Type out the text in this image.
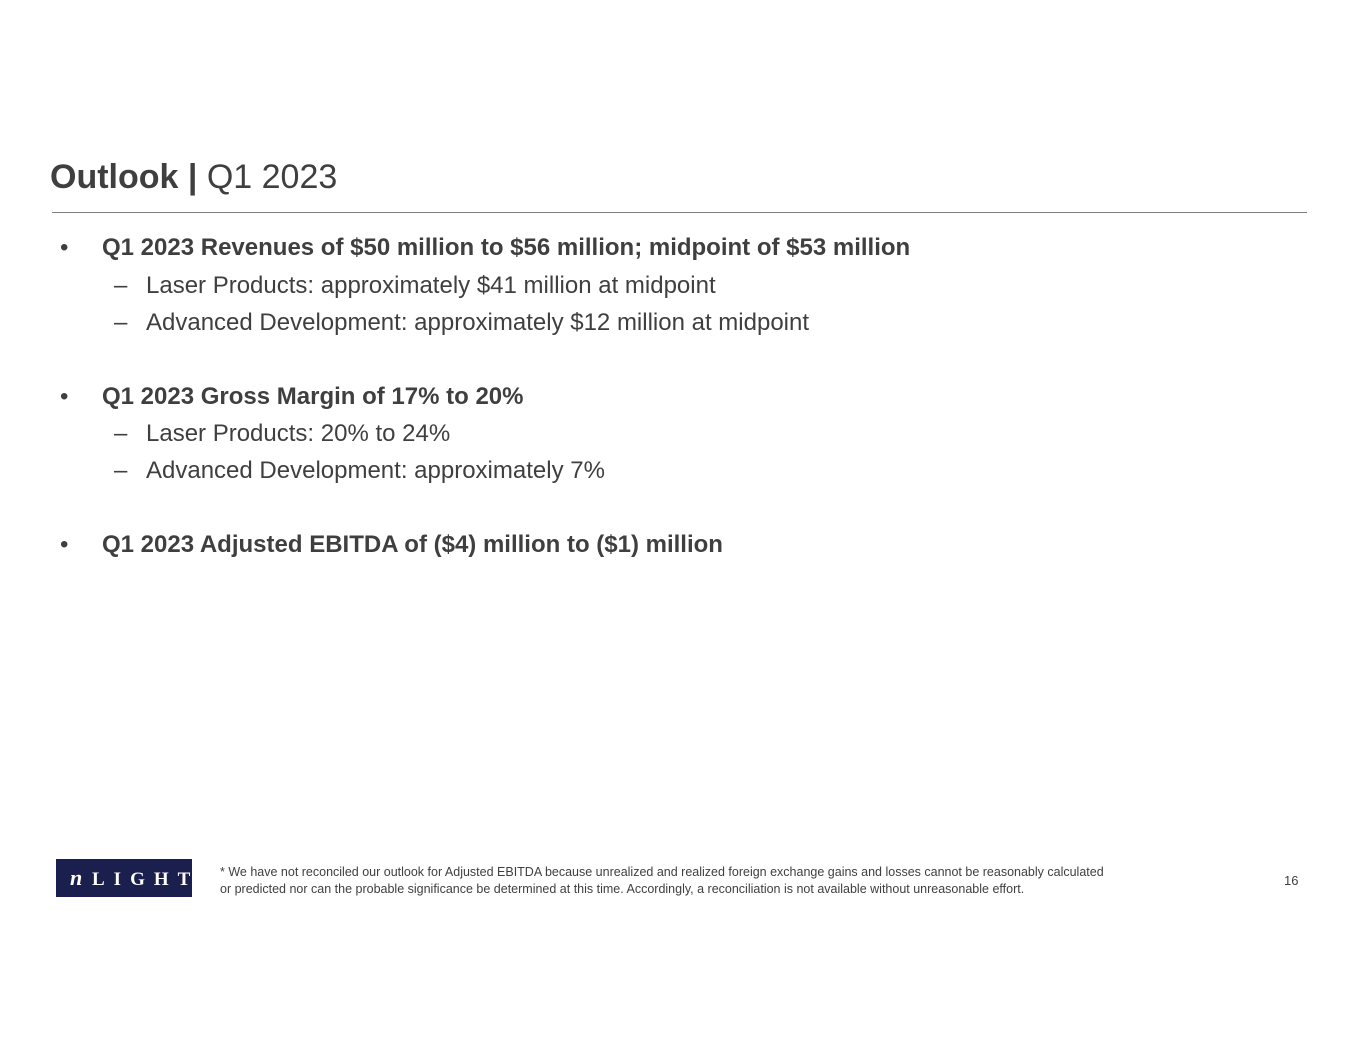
Outlook | Q1 2023
• Q1 2023 Revenues of $50 million to $56 million; midpoint of $53 million
– Laser Products: approximately $41 million at midpoint
– Advanced Development: approximately $12 million at midpoint
• Q1 2023 Gross Margin of 17% to 20%
– Laser Products: 20% to 24%
– Advanced Development: approximately 7%
• Q1 2023 Adjusted EBITDA of ($4) million to ($1) million
n LIGHT * We have not reconciled our outlook for Adjusted EBITDA because unrealized and realized foreign exchange gains and losses cannot be reasonably calculated
or predicted nor can the probable significance be determined at this time. Accordingly, a reconciliation is not available without unreasonable effort.
16
